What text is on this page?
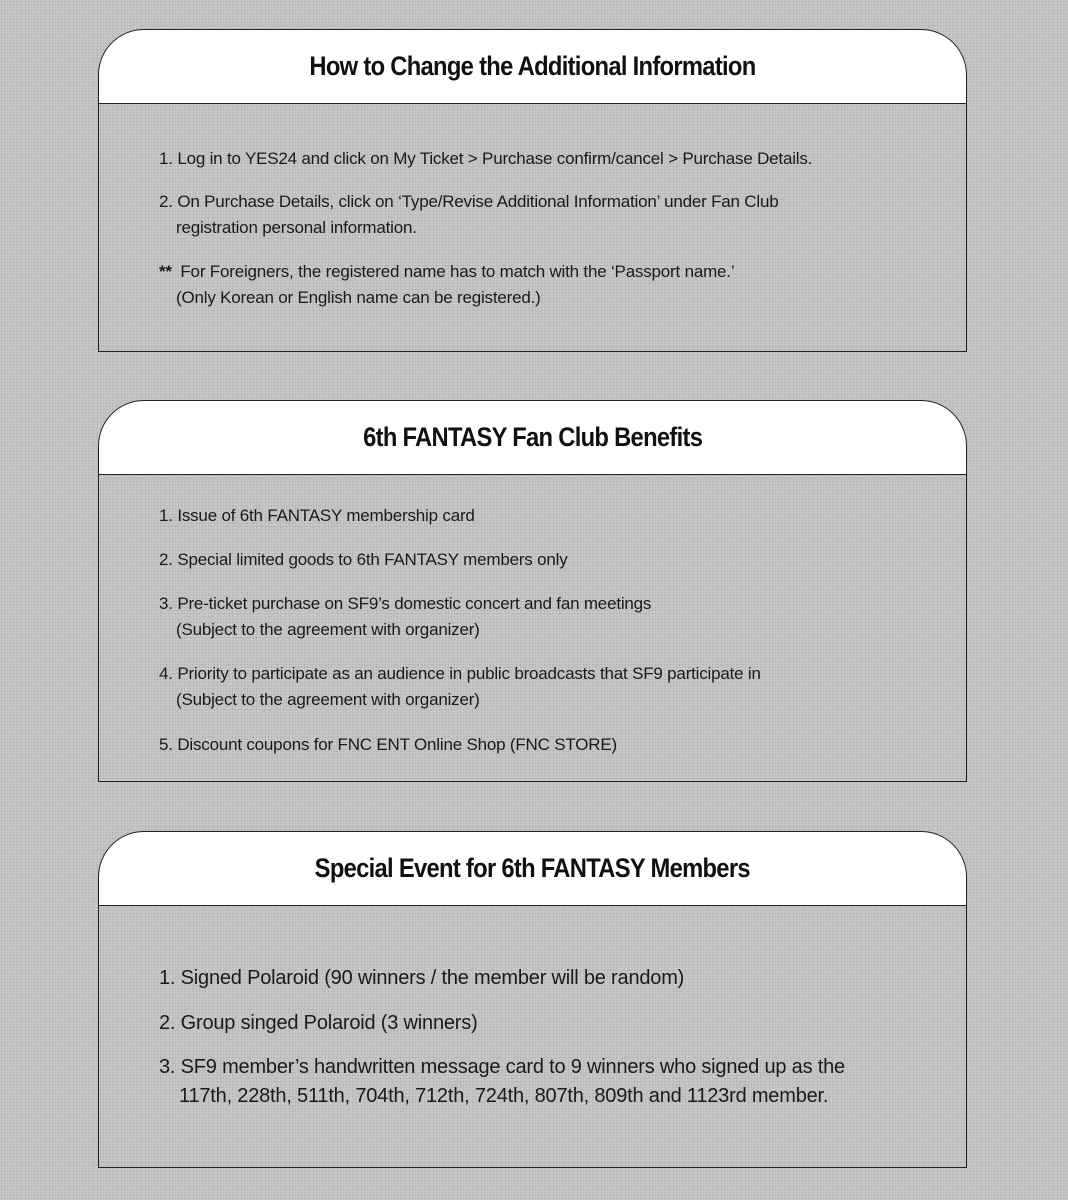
How to Change the Additional Information
1. Log in to YES24 and click on My Ticket > Purchase confirm/cancel > Purchase Details.
2. On Purchase Details, click on ‘Type/Revise Additional Information’ under Fan Club
registration personal information.
** For Foreigners, the registered name has to match with the ‘Passport name.’
(Only Korean or English name can be registered.)
6th FANTASY Fan Club Benefits
1. Issue of 6th FANTASY membership card
2. Special limited goods to 6th FANTASY members only
3. Pre-ticket purchase on SF9’s domestic concert and fan meetings
(Subject to the agreement with organizer)
4. Priority to participate as an audience in public broadcasts that SF9 participate in
(Subject to the agreement with organizer)
5. Discount coupons for FNC ENT Online Shop (FNC STORE)
Special Event for 6th FANTASY Members
1. Signed Polaroid (90 winners / the member will be random)
2. Group singed Polaroid (3 winners)
3. SF9 member’s handwritten message card to 9 winners who signed up as the
117th, 228th, 511th, 704th, 712th, 724th, 807th, 809th and 1123rd member.
